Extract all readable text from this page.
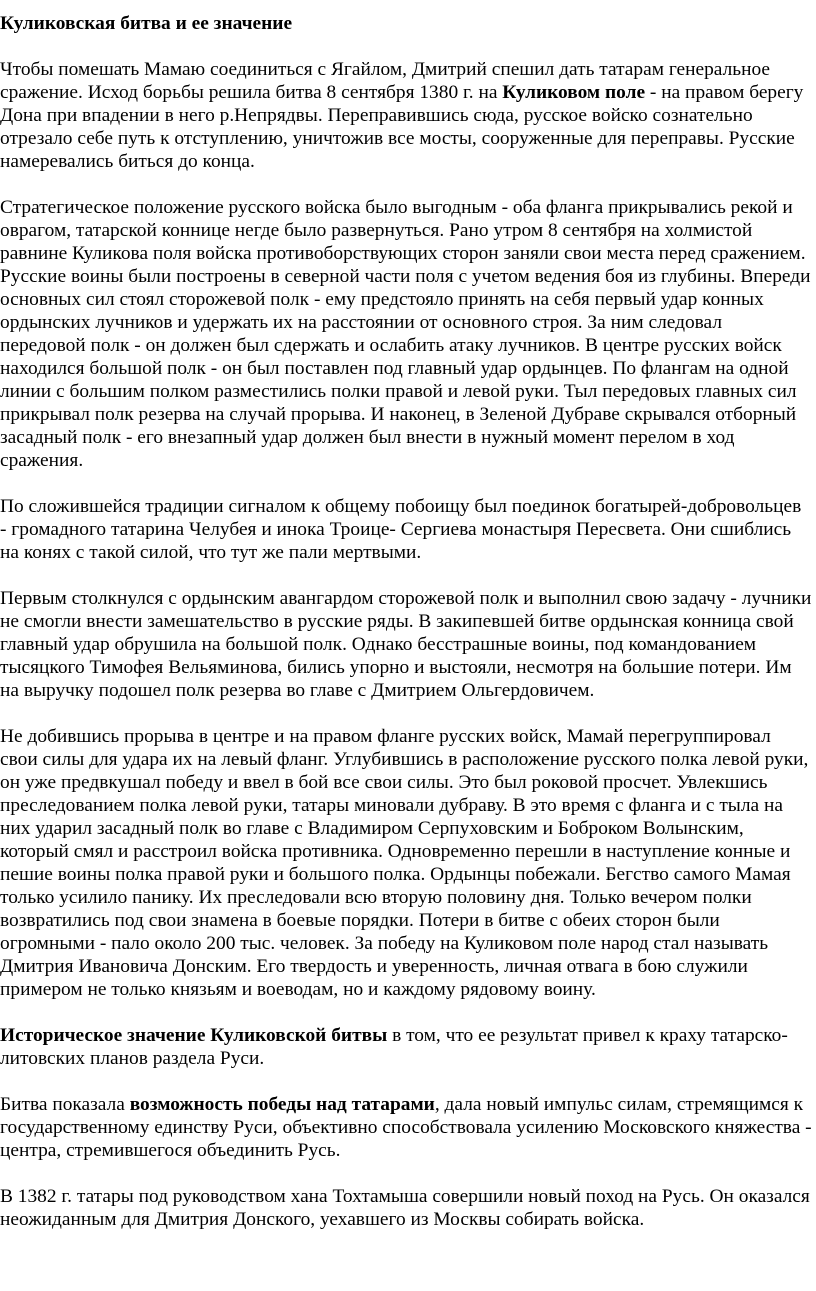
Куликовская битва и ее значение

Чтобы помешать Мамаю соединиться с Ягайлом, Дмитрий спешил дать татарам генеральное сражение. Исход борьбы решила битва 8 сентября 1380 г. на Куликовом поле - на правом берегу Дона при впадении в него р.Непрядвы. Переправившись сюда, русское войско сознательно отрезало себе путь к отступлению, уничтожив все мосты, сооруженные для переправы. Русские намеревались биться до конца.

Стратегическое положение русского войска было выгодным - оба фланга прикрывались рекой и оврагом, татарской коннице негде было развернуться. Рано утром 8 сентября на холмистой равнине Куликова поля войска противоборствующих сторон заняли свои места перед сражением. Русские воины были построены в северной части поля с учетом ведения боя из глубины. Впереди основных сил стоял сторожевой полк - ему предстояло принять на себя первый удар конных ордынских лучников и удержать их на расстоянии от основного строя. За ним следовал передовой полк - он должен был сдержать и ослабить атаку лучников. В центре русских войск находился большой полк - он был поставлен под главный удар ордынцев. По флангам на одной линии с большим полком разместились полки правой и левой руки. Тыл передовых главных сил прикрывал полк резерва на случай прорыва. И наконец, в Зеленой Дубраве скрывался отборный засадный полк - его внезапный удар должен был внести в нужный момент перелом в ход сражения.

По сложившейся традиции сигналом к общему побоищу был поединок богатырей-добровольцев - громадного татарина Челубея и инока Троице- Сергиева монастыря Пересвета. Они сшиблись на конях с такой силой, что тут же пали мертвыми.

Первым столкнулся с ордынским авангардом сторожевой полк и выполнил свою задачу - лучники не смогли внести замешательство в русские ряды. В закипевшей битве ордынская конница свой главный удар обрушила на большой полк. Однако бесстрашные воины, под командованием тысяцкого Тимофея Вельяминова, бились упорно и выстояли, несмотря на большие потери. Им на выручку подошел полк резерва во главе с Дмитрием Ольгердовичем.

Не добившись прорыва в центре и на правом фланге русских войск, Мамай перегруппировал свои силы для удара их на левый фланг. Углубившись в расположение русского полка левой руки, он уже предвкушал победу и ввел в бой все свои силы. Это был роковой просчет. Увлекшись преследованием полка левой руки, татары миновали дубраву. В это время с фланга и с тыла на них ударил засадный полк во главе с Владимиром Серпуховским и Боброком Волынским, который смял и расстроил войска противника. Одновременно перешли в наступление конные и пешие воины полка правой руки и большого полка. Ордынцы побежали. Бегство самого Мамая только усилило панику. Их преследовали всю вторую половину дня. Только вечером полки возвратились под свои знамена в боевые порядки. Потери в битве с обеих сторон были огромными - пало около 200 тыс. человек. За победу на Куликовом поле народ стал называть Дмитрия Ивановича Донским. Его твердость и уверенность, личная отвага в бою служили примером не только князьям и воеводам, но и каждому рядовому воину.

Историческое значение Куликовской битвы в том, что ее результат привел к краху татарско-литовских планов раздела Руси.

Битва показала возможность победы над татарами, дала новый импульс силам, стремящимся к государственному единству Руси, объективно способствовала усилению Московского княжества - центра, стремившегося объединить Русь.

В 1382 г. татары под руководством хана Тохтамыша совершили новый поход на Русь. Он оказался неожиданным для Дмитрия Донского, уехавшего из Москвы собирать войска.
